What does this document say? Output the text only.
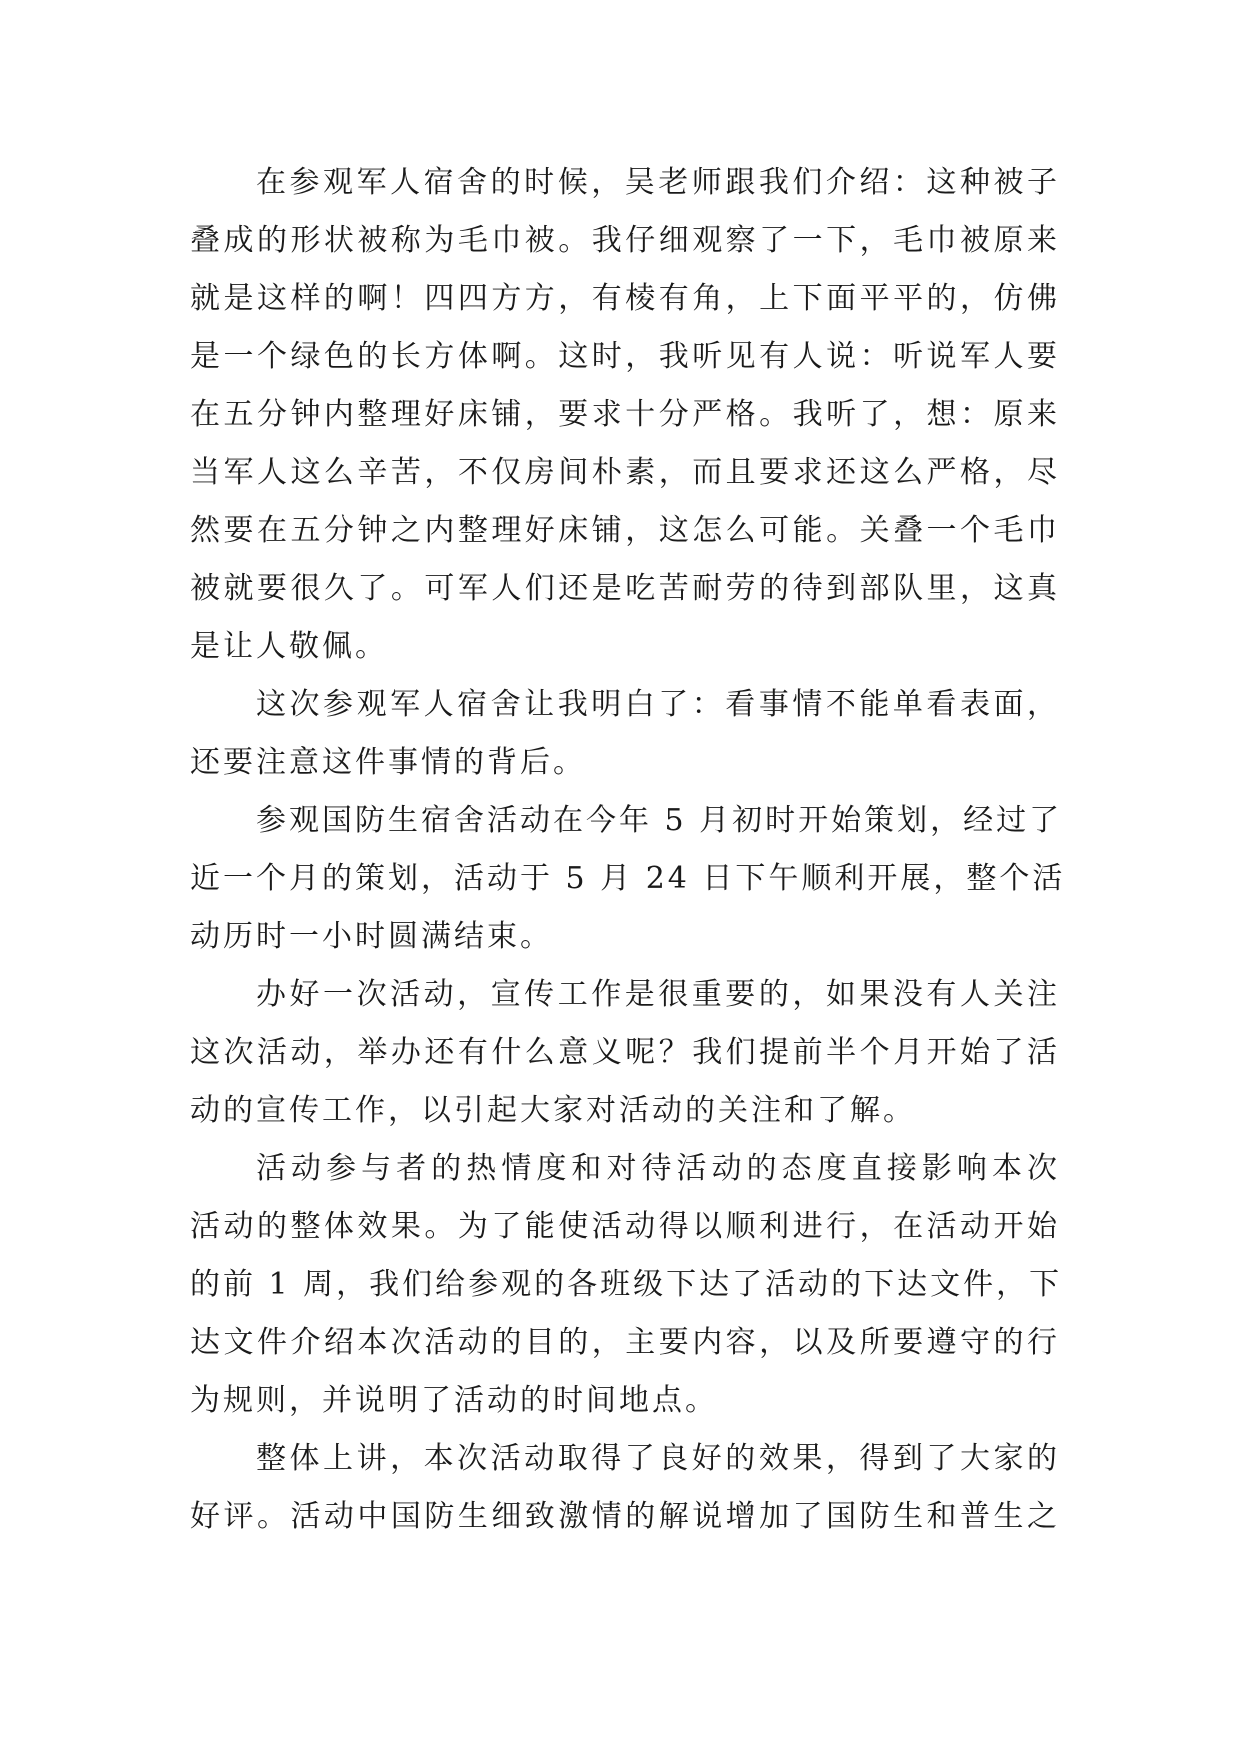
在参观军人宿舍的时候，吴老师跟我们介绍：这种被子
叠成的形状被称为毛巾被。我仔细观察了一下，毛巾被原来
就是这样的啊！四四方方，有棱有角，上下面平平的，仿佛
是一个绿色的长方体啊。这时，我听见有人说：听说军人要
在五分钟内整理好床铺，要求十分严格。我听了，想：原来
当军人这么辛苦，不仅房间朴素，而且要求还这么严格，尽
然要在五分钟之内整理好床铺，这怎么可能。关叠一个毛巾
被就要很久了。可军人们还是吃苦耐劳的待到部队里，这真
是让人敬佩。
这次参观军人宿舍让我明白了：看事情不能单看表面，
还要注意这件事情的背后。
参观国防生宿舍活动在今年 5 月初时开始策划，经过了
近一个月的策划，活动于 5 月 24 日下午顺利开展，整个活
动历时一小时圆满结束。
办好一次活动，宣传工作是很重要的，如果没有人关注
这次活动，举办还有什么意义呢？我们提前半个月开始了活
动的宣传工作，以引起大家对活动的关注和了解。
活动参与者的热情度和对待活动的态度直接影响本次
活动的整体效果。为了能使活动得以顺利进行，在活动开始
的前 1 周，我们给参观的各班级下达了活动的下达文件，下
达文件介绍本次活动的目的，主要内容，以及所要遵守的行
为规则，并说明了活动的时间地点。
整体上讲，本次活动取得了良好的效果，得到了大家的
好评。活动中国防生细致激情的解说增加了国防生和普生之
